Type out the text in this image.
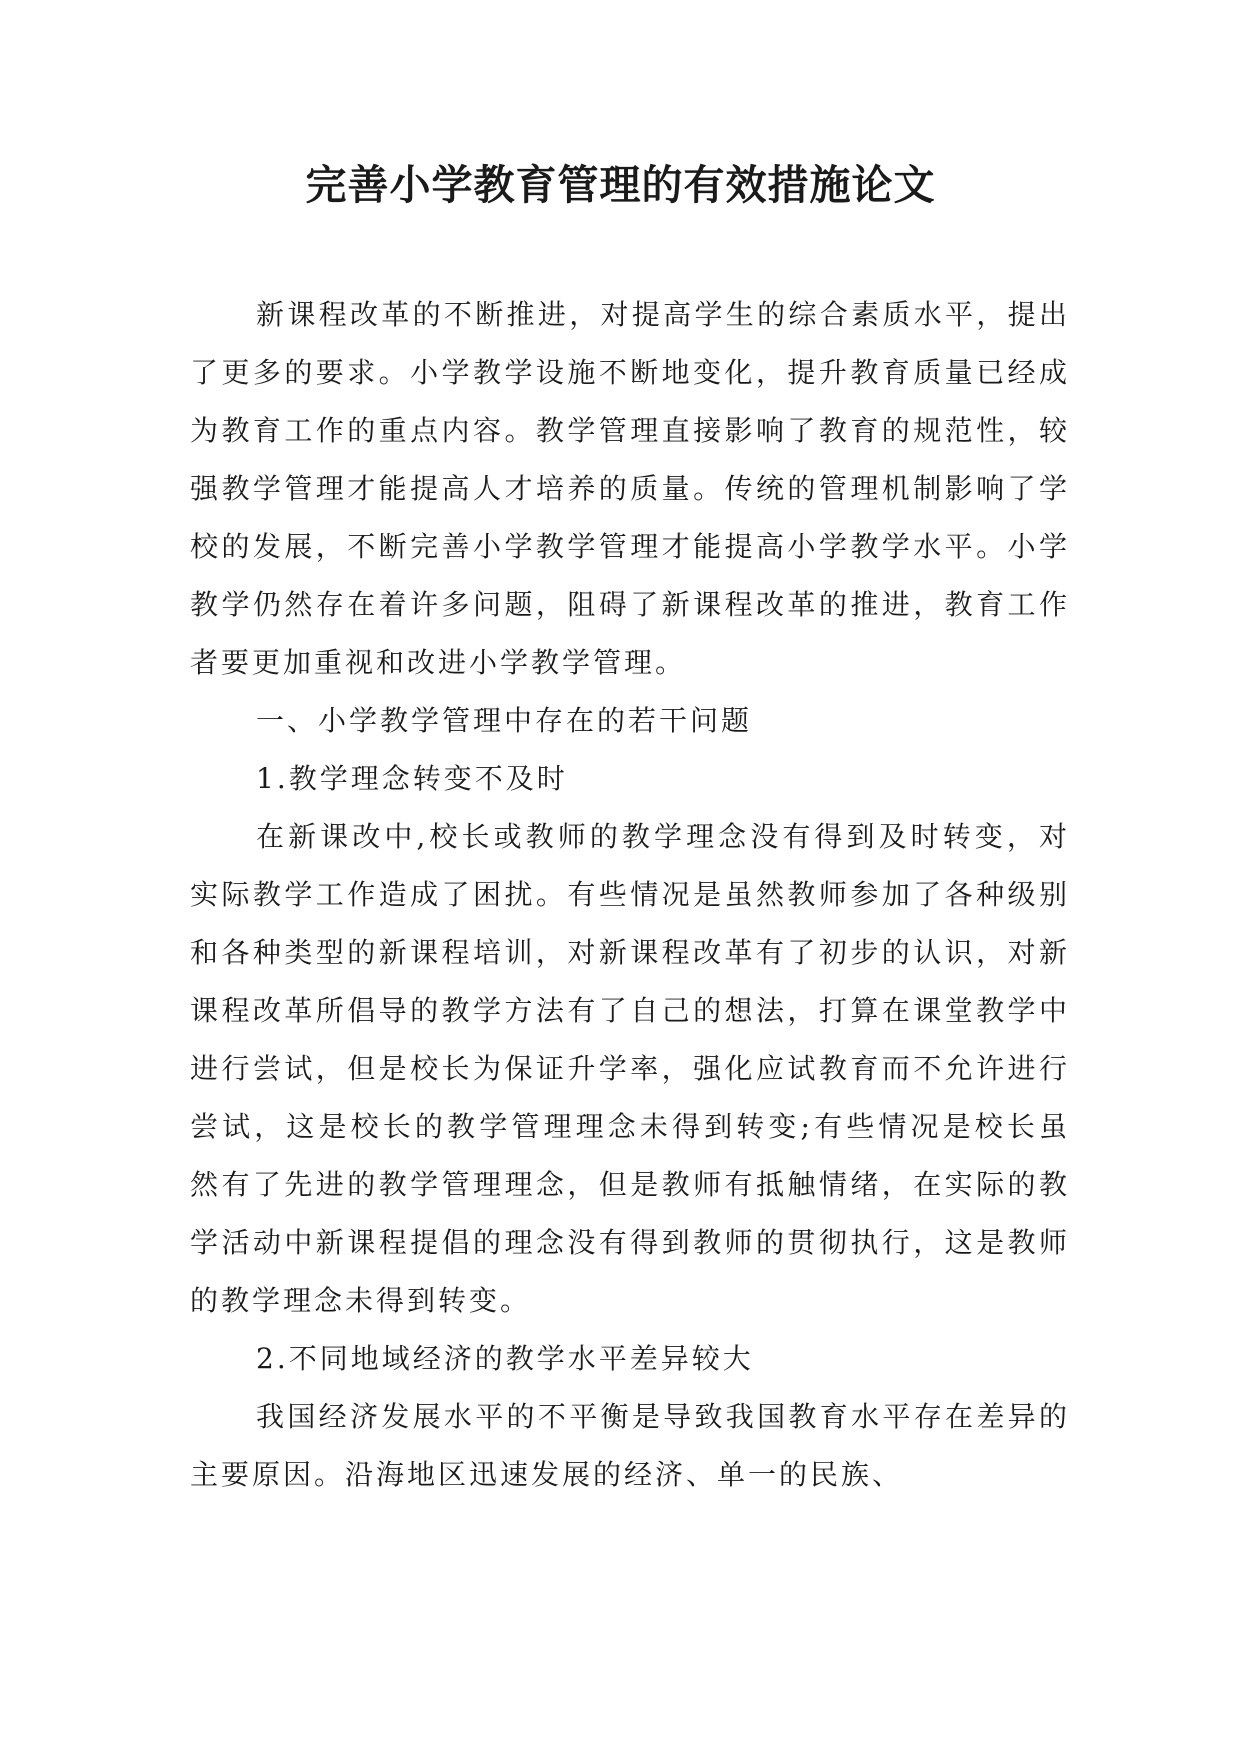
完善小学教育管理的有效措施论文

新课程改革的不断推进，对提高学生的综合素质水平，提出了更多的要求。小学教学设施不断地变化，提升教育质量已经成为教育工作的重点内容。教学管理直接影响了教育的规范性，较强教学管理才能提高人才培养的质量。传统的管理机制影响了学校的发展，不断完善小学教学管理才能提高小学教学水平。小学教学仍然存在着许多问题，阻碍了新课程改革的推进，教育工作者要更加重视和改进小学教学管理。

一、小学教学管理中存在的若干问题

1.教学理念转变不及时

在新课改中,校长或教师的教学理念没有得到及时转变，对实际教学工作造成了困扰。有些情况是虽然教师参加了各种级别和各种类型的新课程培训，对新课程改革有了初步的认识，对新课程改革所倡导的教学方法有了自己的想法，打算在课堂教学中进行尝试，但是校长为保证升学率，强化应试教育而不允许进行尝试，这是校长的教学管理理念未得到转变;有些情况是校长虽然有了先进的教学管理理念，但是教师有抵触情绪，在实际的教学活动中新课程提倡的理念没有得到教师的贯彻执行，这是教师的教学理念未得到转变。

2.不同地域经济的教学水平差异较大

我国经济发展水平的不平衡是导致我国教育水平存在差异的主要原因。沿海地区迅速发展的经济、单一的民族、
